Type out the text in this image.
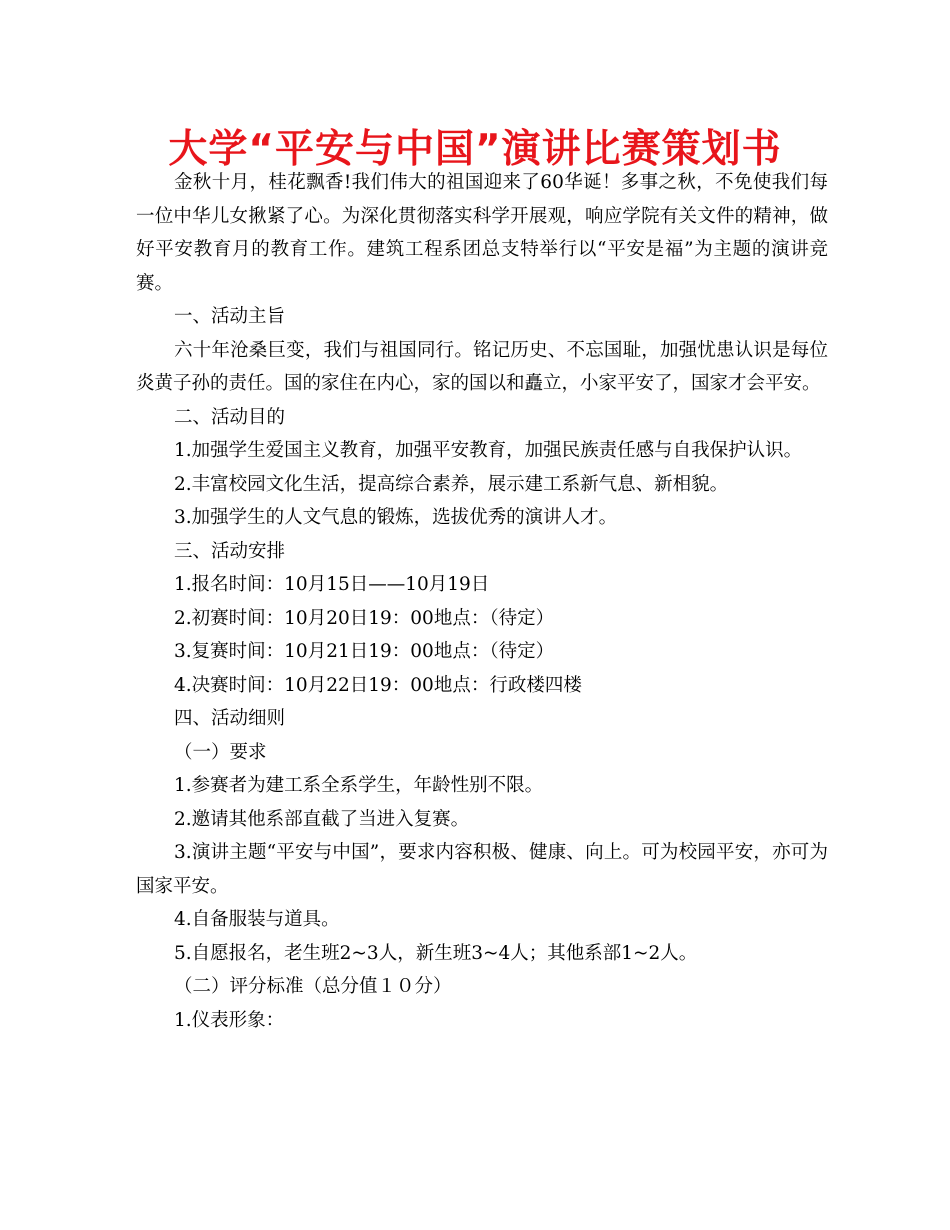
大学“平安与中国”演讲比赛策划书

金秋十月，桂花飘香!我们伟大的祖国迎来了60华诞！多事之秋，不免使我们每一位中华儿女揪紧了心。为深化贯彻落实科学开展观，响应学院有关文件的精神，做好平安教育月的教育工作。建筑工程系团总支特举行以“平安是福”为主题的演讲竞赛。

一、活动主旨

六十年沧桑巨变，我们与祖国同行。铭记历史、不忘国耻，加强忧患认识是每位炎黄子孙的责任。国的家住在内心，家的国以和矗立，小家平安了，国家才会平安。

二、活动目的

1.加强学生爱国主义教育，加强平安教育，加强民族责任感与自我保护认识。

2.丰富校园文化生活，提高综合素养，展示建工系新气息、新相貌。

3.加强学生的人文气息的锻炼，选拔优秀的演讲人才。

三、活动安排

1.报名时间：10月15日——10月19日

2.初赛时间：10月20日19：00地点：（待定）

3.复赛时间：10月21日19：00地点：（待定）

4.决赛时间：10月22日19：00地点：行政楼四楼

四、活动细则

（一）要求

1.参赛者为建工系全系学生，年龄性别不限。

2.邀请其他系部直截了当进入复赛。

3.演讲主题“平安与中国”，要求内容积极、健康、向上。可为校园平安，亦可为国家平安。

4.自备服装与道具。

5.自愿报名，老生班2~3人，新生班3~4人；其他系部1~2人。

（二）评分标准（总分值１０分）

1.仪表形象：
